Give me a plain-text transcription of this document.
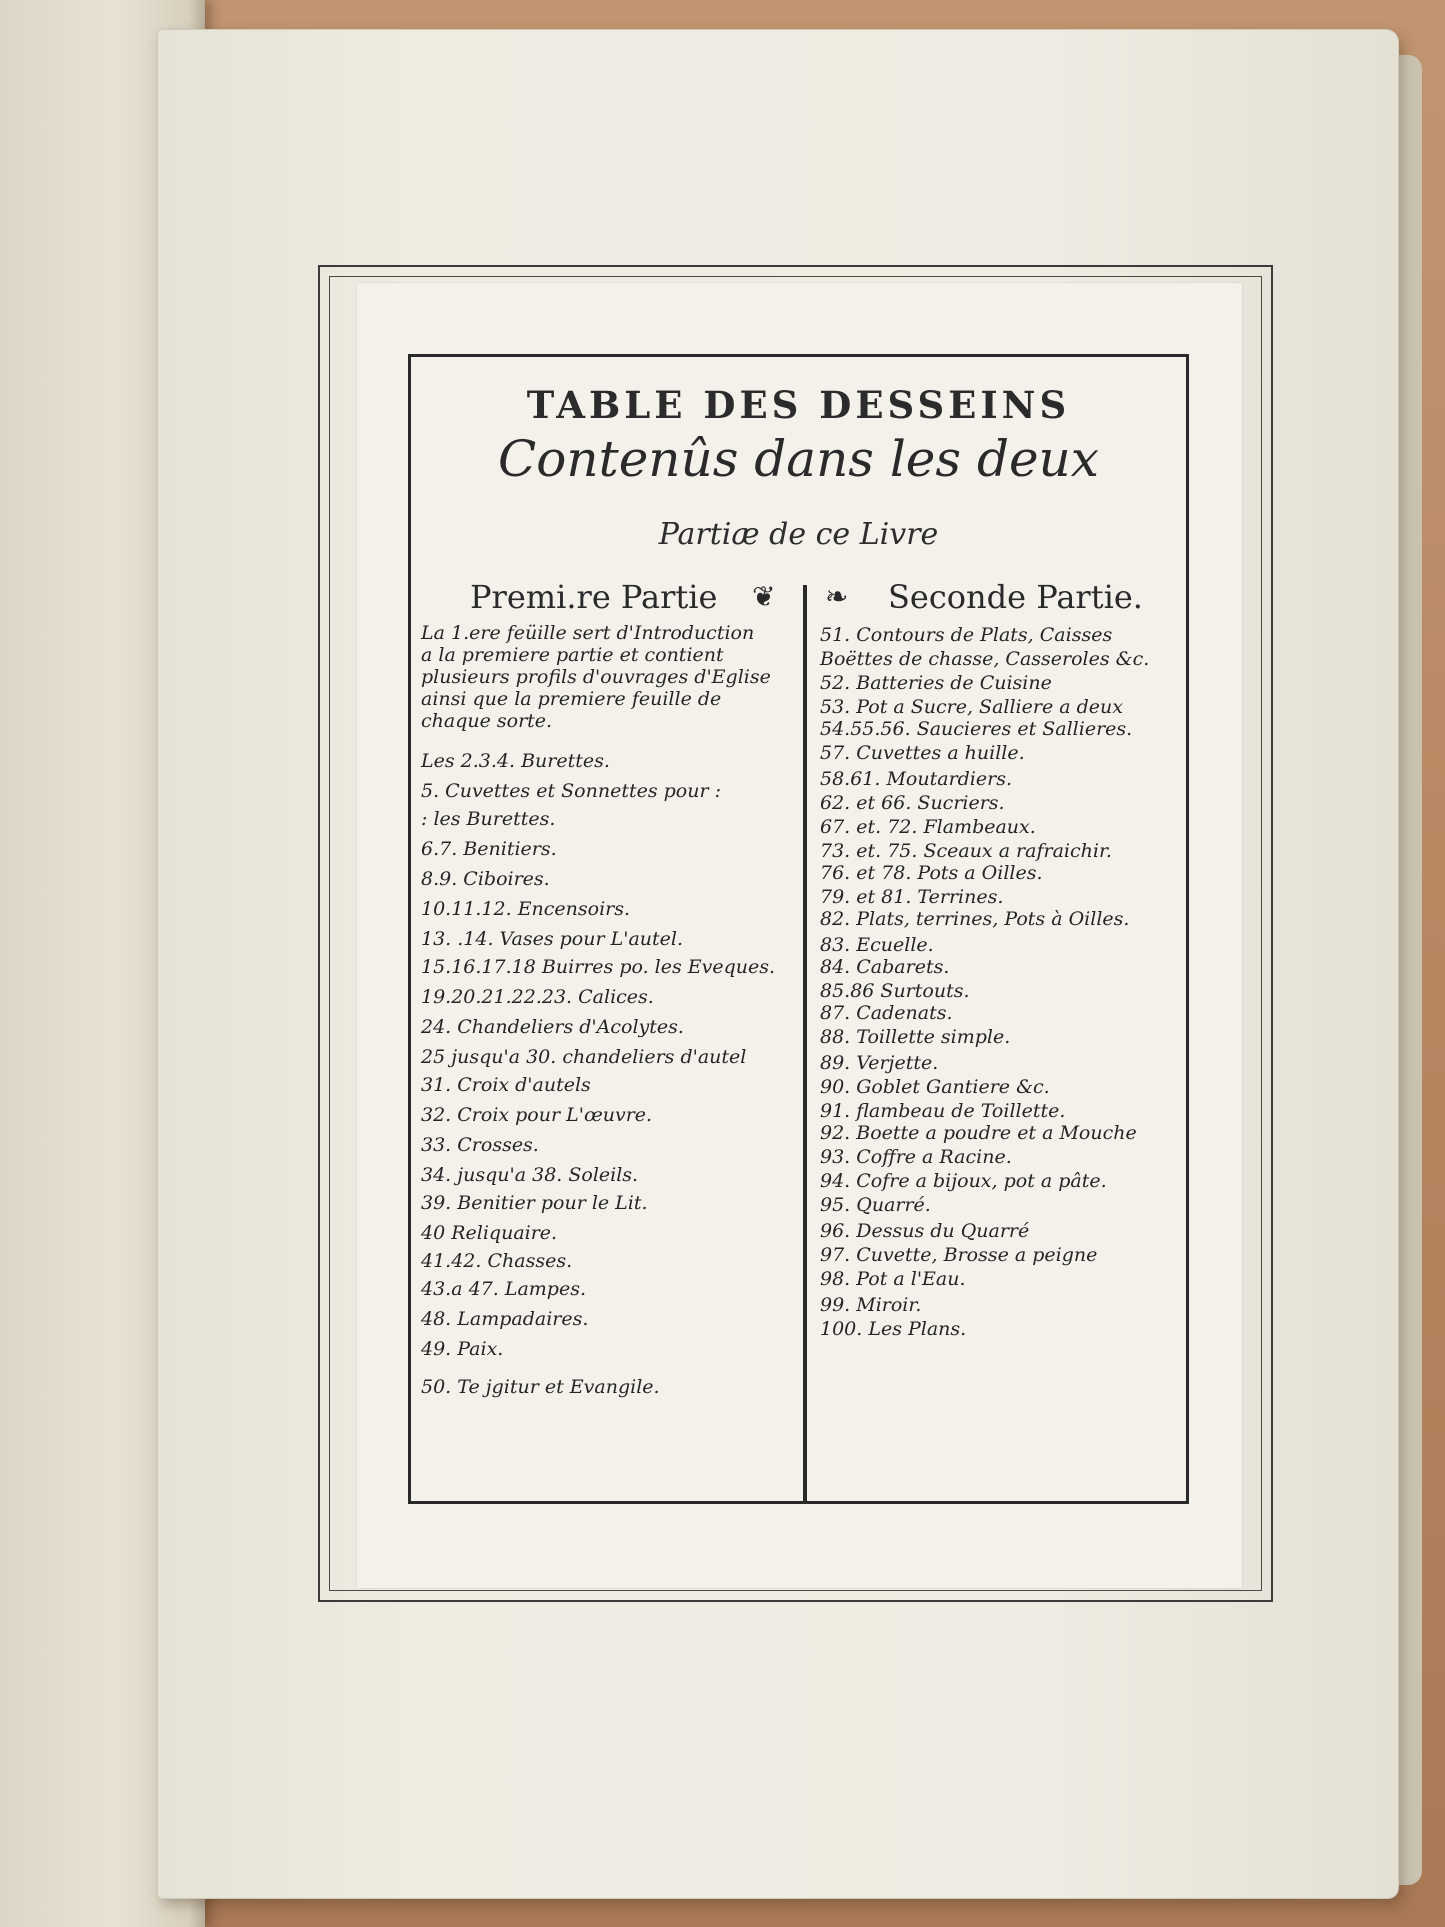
TABLE DES DESSEINS
Contenûs dans les deux
Partiæ de ce Livre
Premi.re Partie	Seconde Partie.
❦ ❧
La 1.ere feüille sert d'Introduction
a la premiere partie et contient
plusieurs profils d'ouvrages d'Eglise
ainsi que la premiere feuille de
chaque sorte.
Les 2.3.4. Burettes.
5. Cuvettes et Sonnettes pour :
: les Burettes.
6.7. Benitiers.
8.9. Ciboires.
10.11.12. Encensoirs.
13. .14. Vases pour L'autel.
15.16.17.18 Buirres po. les Eveques.
19.20.21.22.23. Calices.
24. Chandeliers d'Acolytes.
25 jusqu'a 30. chandeliers d'autel
31. Croix d'autels
32. Croix pour L'œuvre.
33. Crosses.
34. jusqu'a 38. Soleils.
39. Benitier pour le Lit.
40 Reliquaire.
41.42. Chasses.
43.a 47. Lampes.
48. Lampadaires.
49. Paix.
50. Te jgitur et Evangile.
51. Contours de Plats, Caisses
Boëttes de chasse, Casseroles &c.
52. Batteries de Cuisine
53. Pot a Sucre, Salliere a deux
54.55.56. Saucieres et Sallieres.
57. Cuvettes a huille.
58.61. Moutardiers.
62. et 66. Sucriers.
67. et. 72. Flambeaux.
73. et. 75. Sceaux a rafraichir.
76. et 78. Pots a Oilles.
79. et 81. Terrines.
82. Plats, terrines, Pots à Oilles.
83. Ecuelle.
84. Cabarets.
85.86 Surtouts.
87. Cadenats.
88. Toillette simple.
89. Verjette.
90. Goblet Gantiere &c.
91. flambeau de Toillette.
92. Boette a poudre et a Mouche
93. Coffre a Racine.
94. Cofre a bijoux, pot a pâte.
95. Quarré.
96. Dessus du Quarré
97. Cuvette, Brosse a peigne
98. Pot a l'Eau.
99. Miroir.
100. Les Plans.
